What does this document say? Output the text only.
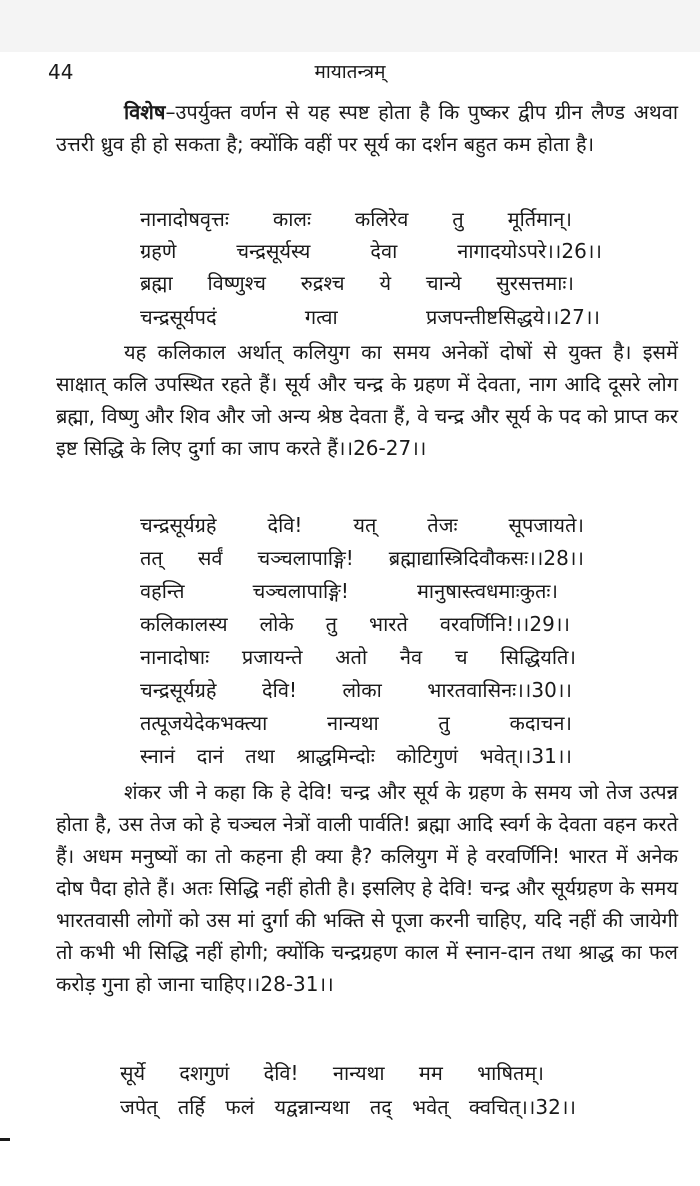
44	मायातन्त्रम्

विशेष–उपर्युक्त वर्णन से यह स्पष्ट होता है कि पुष्कर द्वीप ग्रीन लैण्ड अथवा उत्तरी ध्रुव ही हो सकता है; क्योंकि वहीं पर सूर्य का दर्शन बहुत कम होता है।

नानादोषवृत्तः कालः कलिरेव तु मूर्तिमान्।
ग्रहणे चन्द्रसूर्यस्य देवा नागादयोऽपरे।।26।।
ब्रह्मा विष्णुश्च रुद्रश्च ये चान्ये सुरसत्तमाः।
चन्द्रसूर्यपदं गत्वा प्रजपन्तीष्टसिद्धये।।27।।

यह कलिकाल अर्थात् कलियुग का समय अनेकों दोषों से युक्त है। इसमें साक्षात् कलि उपस्थित रहते हैं। सूर्य और चन्द्र के ग्रहण में देवता, नाग आदि दूसरे लोग ब्रह्मा, विष्णु और शिव और जो अन्य श्रेष्ठ देवता हैं, वे चन्द्र और सूर्य के पद को प्राप्त कर इष्ट सिद्धि के लिए दुर्गा का जाप करते हैं।।26-27।।

चन्द्रसूर्यग्रहे देवि! यत् तेजः सूपजायते।
तत् सर्वं चञ्चलापाङ्गि! ब्रह्माद्यास्त्रिदिवौकसः।।28।।
वहन्ति चञ्चलापाङ्गि! मानुषास्त्वधमाःकुतः।
कलिकालस्य लोके तु भारते वरवर्णिनि!।।29।।
नानादोषाः प्रजायन्ते अतो नैव च सिद्धियति।
चन्द्रसूर्यग्रहे देवि! लोका भारतवासिनः।।30।।
तत्पूजयेदेकभक्त्या नान्यथा तु कदाचन।
स्नानं दानं तथा श्राद्धमिन्दोः कोटिगुणं भवेत्।।31।।

शंकर जी ने कहा कि हे देवि! चन्द्र और सूर्य के ग्रहण के समय जो तेज उत्पन्न होता है, उस तेज को हे चञ्चल नेत्रों वाली पार्वति! ब्रह्मा आदि स्वर्ग के देवता वहन करते हैं। अधम मनुष्यों का तो कहना ही क्या है? कलियुग में हे वरवर्णिनि! भारत में अनेक दोष पैदा होते हैं। अतः सिद्धि नहीं होती है। इसलिए हे देवि! चन्द्र और सूर्यग्रहण के समय भारतवासी लोगों को उस मां दुर्गा की भक्ति से पूजा करनी चाहिए, यदि नहीं की जायेगी तो कभी भी सिद्धि नहीं होगी; क्योंकि चन्द्रग्रहण काल में स्नान-दान तथा श्राद्ध का फल करोड़ गुना हो जाना चाहिए।।28-31।।

सूर्ये दशगुणं देवि! नान्यथा मम भाषितम्।
जपेत् तर्हि फलं यद्वन्नान्यथा तद् भवेत् क्वचित्।।32।।
